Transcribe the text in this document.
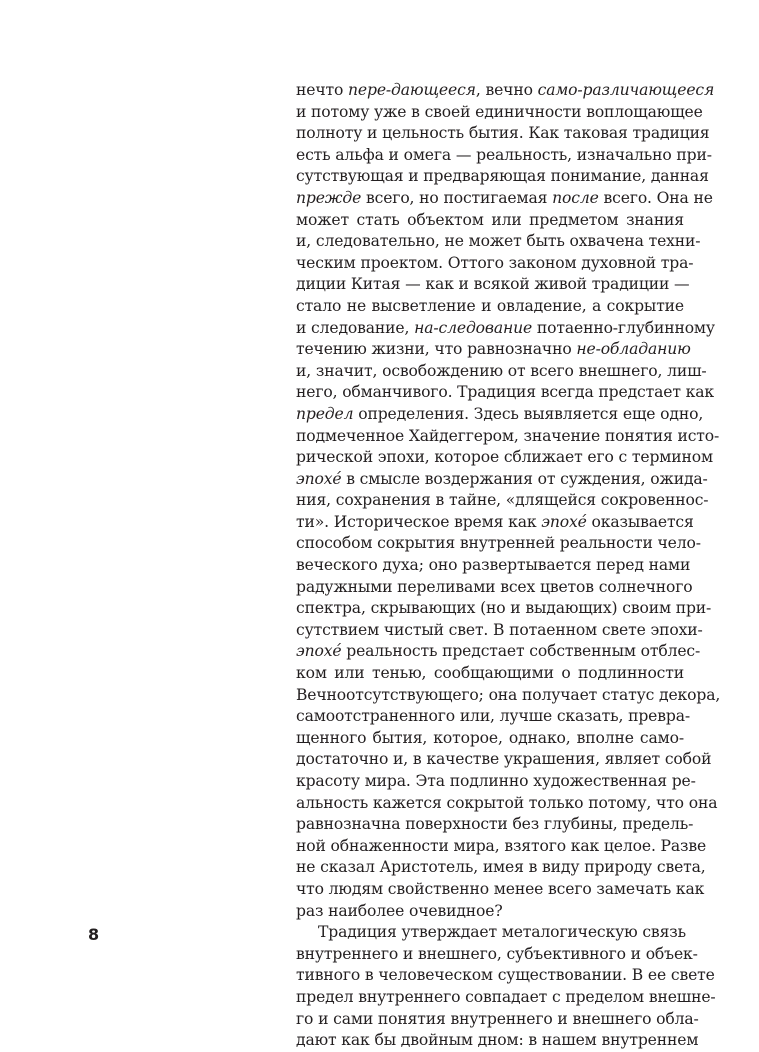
нечто пере-дающееся, вечно само-различающееся
и потому уже в своей единичности воплощающее
полноту и цельность бытия. Как таковая традиция
есть альфа и омега — реальность, изначально при-
сутствующая и предваряющая понимание, данная
прежде всего, но постигаемая после всего. Она не
может стать объектом или предметом знания
и, следовательно, не может быть охвачена техни-
ческим проектом. Оттого законом духовной тра-
диции Китая — как и всякой живой традиции —
стало не высветление и овладение, а сокрытие
и следование, на-следование потаенно-глубинному
течению жизни, что равнозначно не-обладанию
и, значит, освобождению от всего внешнего, лиш-
него, обманчивого. Традиция всегда предстает как
предел определения. Здесь выявляется еще одно,
подмеченное Хайдеггером, значение понятия исто-
рической эпохи, которое сближает его с термином
эпохé в смысле воздержания от суждения, ожида-
ния, сохранения в тайне, «длящейся сокровеннос-
ти». Историческое время как эпохé оказывается
способом сокрытия внутренней реальности чело-
веческого духа; оно развертывается перед нами
радужными переливами всех цветов солнечного
спектра, скрывающих (но и выдающих) своим при-
сутствием чистый свет. В потаенном свете эпохи-
эпохé реальность предстает собственным отблес-
ком или тенью, сообщающими о подлинности
Вечноотсутствующего; она получает статус декора,
самоотстраненного или, лучше сказать, превра-
щенного бытия, которое, однако, вполне само-
достаточно и, в качестве украшения, являет собой
красоту мира. Эта подлинно художественная ре-
альность кажется сокрытой только потому, что она
равнозначна поверхности без глубины, предель-
ной обнаженности мира, взятого как целое. Разве
не сказал Аристотель, имея в виду природу света,
что людям свойственно менее всего замечать как
раз наиболее очевидное?
Традиция утверждает металогическую связь
внутреннего и внешнего, субъективного и объек-
тивного в человеческом существовании. В ее свете
предел внутреннего совпадает с пределом внешне-
го и сами понятия внутреннего и внешнего обла-
дают как бы двойным дном: в нашем внутреннем
8
